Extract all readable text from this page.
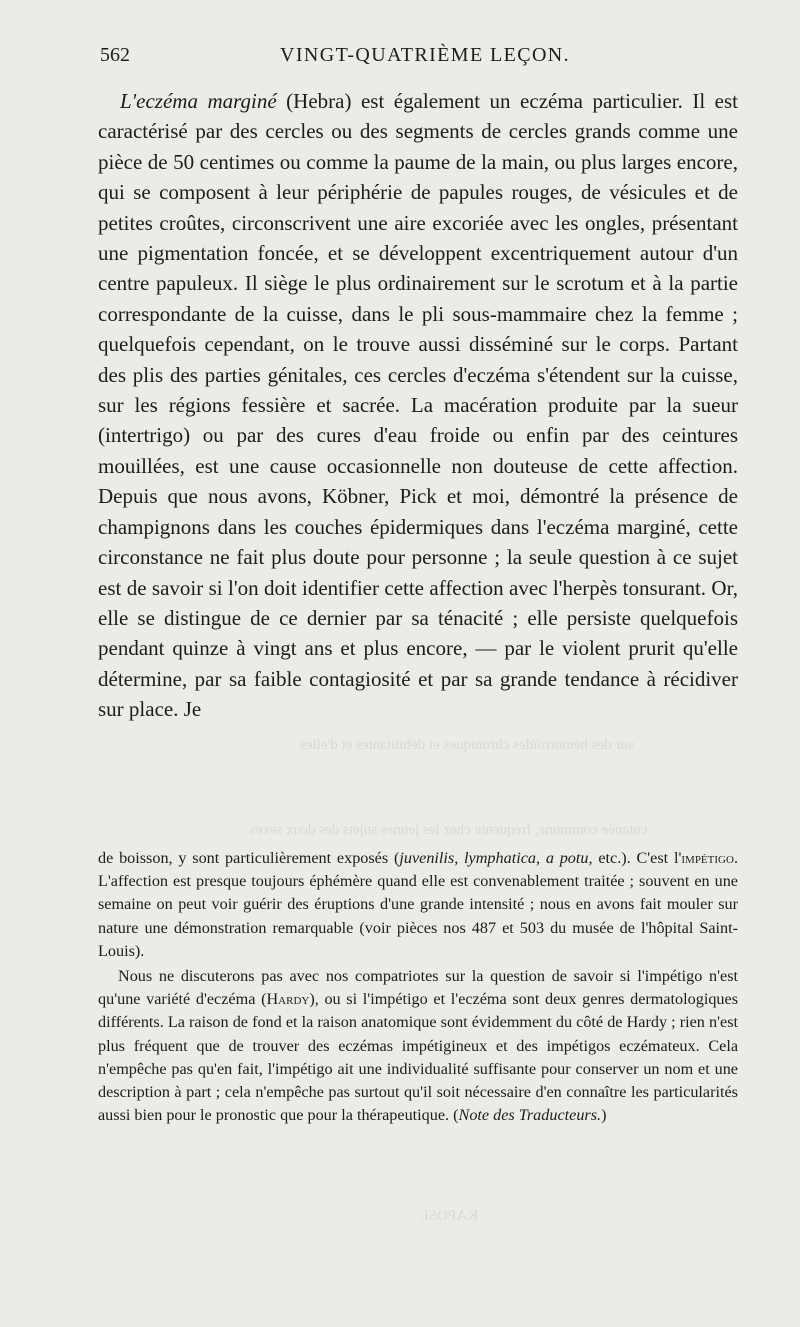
sur des hémorroïdes chroniques et débilitantes et d'elles
cutanée commune, fréquente chez les jeunes sujets des deux sexes
KAPOSI.
562	VINGT-QUATRIÈME LEÇON.

L'eczéma marginé (Hebra) est également un eczéma particulier. Il est caractérisé par des cercles ou des segments de cercles grands comme une pièce de 50 centimes ou comme la paume de la main, ou plus larges encore, qui se composent à leur périphérie de papules rouges, de vésicules et de petites croûtes, circonscrivent une aire excoriée avec les ongles, présentant une pigmentation foncée, et se développent excentriquement autour d'un centre papuleux. Il siège le plus ordinairement sur le scrotum et à la partie correspondante de la cuisse, dans le pli sous-mammaire chez la femme ; quelquefois cependant, on le trouve aussi disséminé sur le corps. Partant des plis des parties génitales, ces cercles d'eczéma s'étendent sur la cuisse, sur les régions fessière et sacrée. La macération produite par la sueur (intertrigo) ou par des cures d'eau froide ou enfin par des ceintures mouillées, est une cause occasionnelle non douteuse de cette affection. Depuis que nous avons, Köbner, Pick et moi, démontré la présence de champignons dans les couches épidermiques dans l'eczéma marginé, cette circonstance ne fait plus doute pour personne ; la seule question à ce sujet est de savoir si l'on doit identifier cette affection avec l'herpès tonsurant. Or, elle se distingue de ce dernier par sa ténacité ; elle persiste quelquefois pendant quinze à vingt ans et plus encore, — par le violent prurit qu'elle détermine, par sa faible contagiosité et par sa grande tendance à récidiver sur place. Je

de boisson, y sont particulièrement exposés (juvenilis, lymphatica, a potu, etc.). C'est l'impétigo. L'affection est presque toujours éphémère quand elle est convenablement traitée ; souvent en une semaine on peut voir guérir des éruptions d'une grande intensité ; nous en avons fait mouler sur nature une démonstration remarquable (voir pièces nos 487 et 503 du musée de l'hôpital Saint-Louis).

Nous ne discuterons pas avec nos compatriotes sur la question de savoir si l'impétigo n'est qu'une variété d'eczéma (Hardy), ou si l'impétigo et l'eczéma sont deux genres dermatologiques différents. La raison de fond et la raison anatomique sont évidemment du côté de Hardy ; rien n'est plus fréquent que de trouver des eczémas impétigineux et des impétigos eczémateux. Cela n'empêche pas qu'en fait, l'impétigo ait une individualité suffisante pour conserver un nom et une description à part ; cela n'empêche pas surtout qu'il soit nécessaire d'en connaître les particularités aussi bien pour le pronostic que pour la thérapeutique. (Note des Traducteurs.)
